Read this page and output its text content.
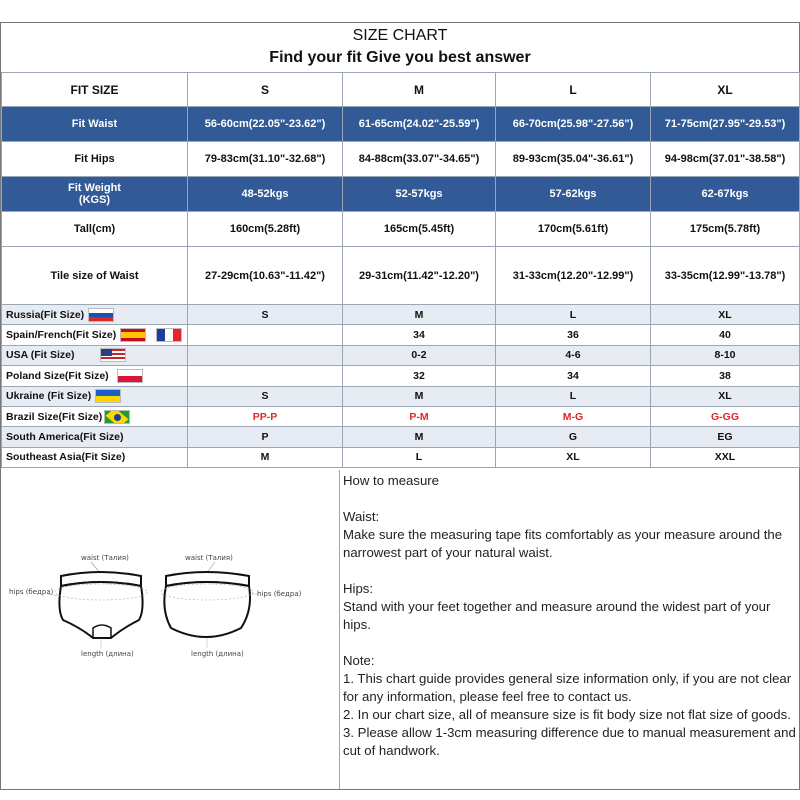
SIZE CHART
Find your fit Give you best answer
FIT SIZE	S	M	L	XL
Fit Waist	56-60cm(22.05"-23.62")	61-65cm(24.02"-25.59")	66-70cm(25.98"-27.56")	71-75cm(27.95"-29.53")
Fit Hips	79-83cm(31.10"-32.68")	84-88cm(33.07"-34.65")	89-93cm(35.04"-36.61")	94-98cm(37.01"-38.58")

Fit Weight
(KGS)	48-52kgs	52-57kgs	57-62kgs	62-67kgs
Tall(cm)	160cm(5.28ft)	165cm(5.45ft)	170cm(5.61ft)	175cm(5.78ft)
Tile size of Waist	27-29cm(10.63"-11.42")	29-31cm(11.42"-12.20")	31-33cm(12.20"-12.99")	33-35cm(12.99"-13.78")
Russia(Fit Size)	S	M	L	XL
Spain/French(Fit Size)		34	36	40
USA (Fit Size)		0-2	4-6	8-10
Poland Size(Fit Size)		32	34	38
Ukraine (Fit Size)	S	M	L	XL
Brazil Size(Fit Size)	PP-P	P-M	M-G	G-GG
South America(Fit Size)	P	M	G	EG
Southeast Asia(Fit Size)	M	L	XL	XXL
waist (Талия)	waist (Талия)
hips (бедра)	hips (бедра)
length (длина)	length (длина)

How to measure

Waist:

Make sure the measuring tape fits comfortably as your measure around the narrowest part of your natural waist.

Hips:

Stand with your feet together and measure around the widest part of your hips.

Note:

1. This chart guide provides general size information only, if you are not clear for any information, please feel free to contact us.

2. In our chart size, all of meansure size is fit body size not flat size of goods.

3. Please allow 1-3cm measuring difference due to manual measurement and cut of handwork.
